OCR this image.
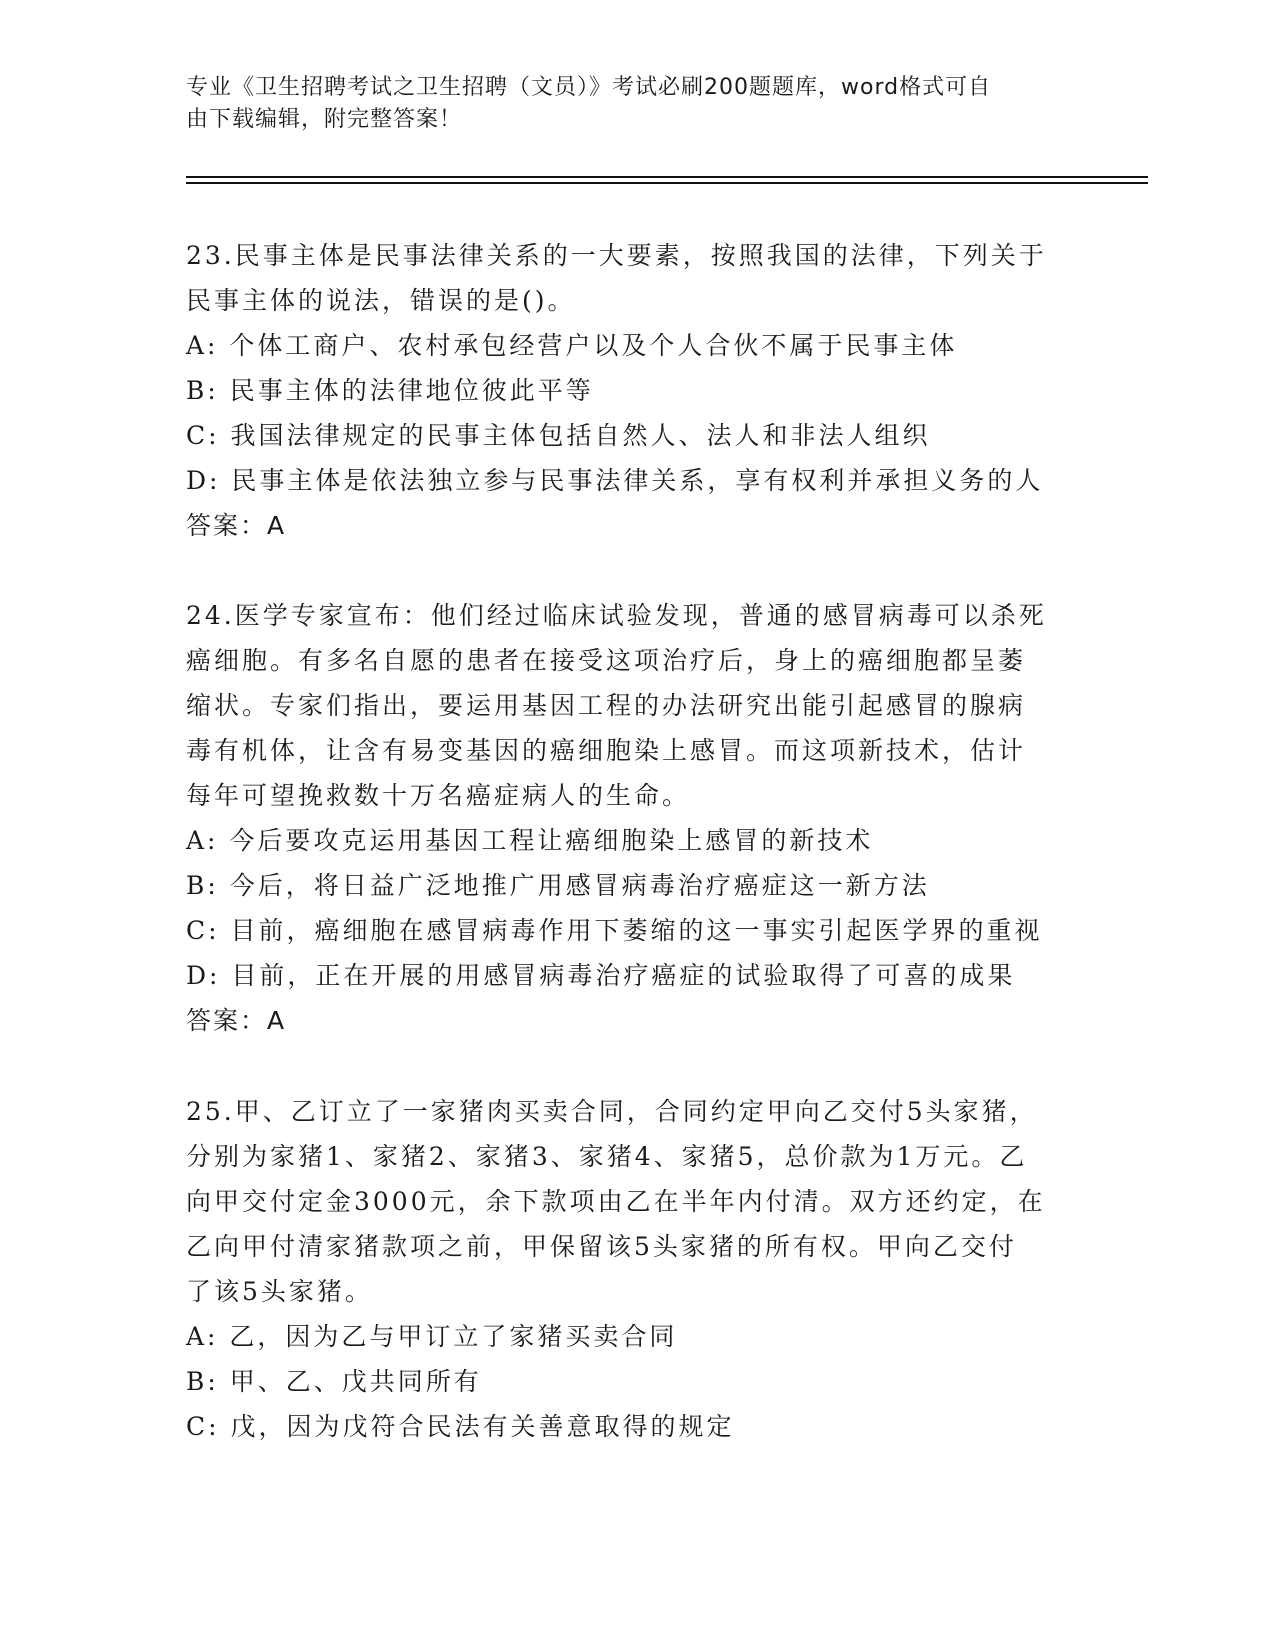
专业《卫生招聘考试之卫生招聘（文员）》考试必刷200题题库，word格式可自
由下载编辑，附完整答案！

23.民事主体是民事法律关系的一大要素，按照我国的法律，下列关于

民事主体的说法，错误的是()。

A: 个体工商户、农村承包经营户以及个人合伙不属于民事主体

B: 民事主体的法律地位彼此平等

C: 我国法律规定的民事主体包括自然人、法人和非法人组织

D: 民事主体是依法独立参与民事法律关系，享有权利并承担义务的人

答案：A

24.医学专家宣布：他们经过临床试验发现，普通的感冒病毒可以杀死

癌细胞。有多名自愿的患者在接受这项治疗后，身上的癌细胞都呈萎

缩状。专家们指出，要运用基因工程的办法研究出能引起感冒的腺病

毒有机体，让含有易变基因的癌细胞染上感冒。而这项新技术，估计

每年可望挽救数十万名癌症病人的生命。

A: 今后要攻克运用基因工程让癌细胞染上感冒的新技术

B: 今后，将日益广泛地推广用感冒病毒治疗癌症这一新方法

C: 目前，癌细胞在感冒病毒作用下萎缩的这一事实引起医学界的重视

D: 目前，正在开展的用感冒病毒治疗癌症的试验取得了可喜的成果

答案：A

25.甲、乙订立了一家猪肉买卖合同，合同约定甲向乙交付5头家猪，

分别为家猪1、家猪2、家猪3、家猪4、家猪5，总价款为1万元。乙

向甲交付定金3000元，余下款项由乙在半年内付清。双方还约定，在

乙向甲付清家猪款项之前，甲保留该5头家猪的所有权。甲向乙交付

了该5头家猪。

A: 乙，因为乙与甲订立了家猪买卖合同

B: 甲、乙、戊共同所有

C: 戊，因为戊符合民法有关善意取得的规定
